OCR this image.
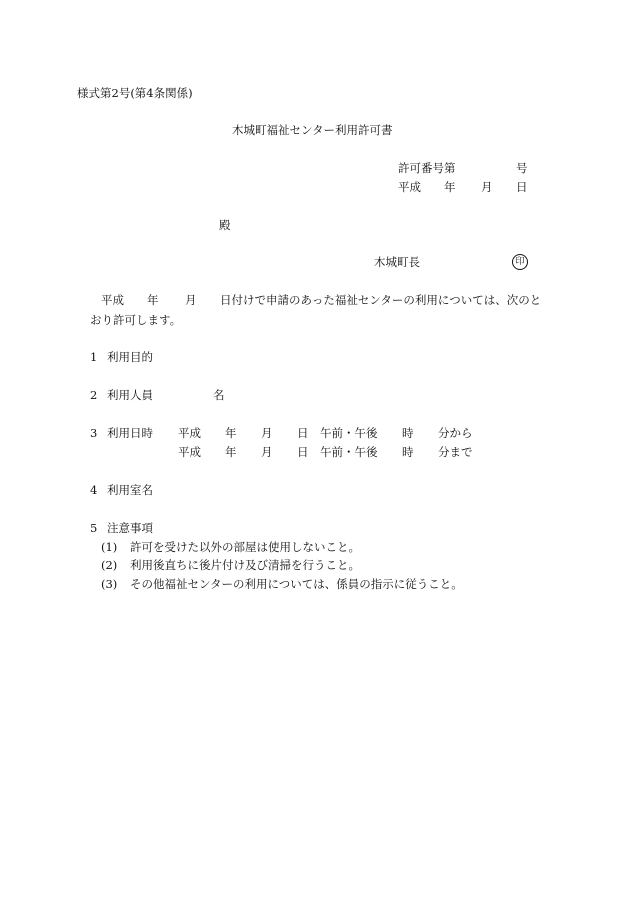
様式第2号(第4条関係)
木城町福祉センター利用許可書
許可番号第	号
平成 年 月 日
殿
木城町長	印
平成 年 月 日付けで申請のあった福祉センターの利用については、次のと
おり許可します。
1 利用目的
2 利用人員	名
3 利用日時 平成 年 月 日 午前・午後 時 分から
平成 年 月 日 午前・午後 時 分まで
4 利用室名
5 注意事項
(1) 許可を受けた以外の部屋は使用しないこと。
(2) 利用後直ちに後片付け及び清掃を行うこと。
(3) その他福祉センターの利用については、係員の指示に従うこと。
